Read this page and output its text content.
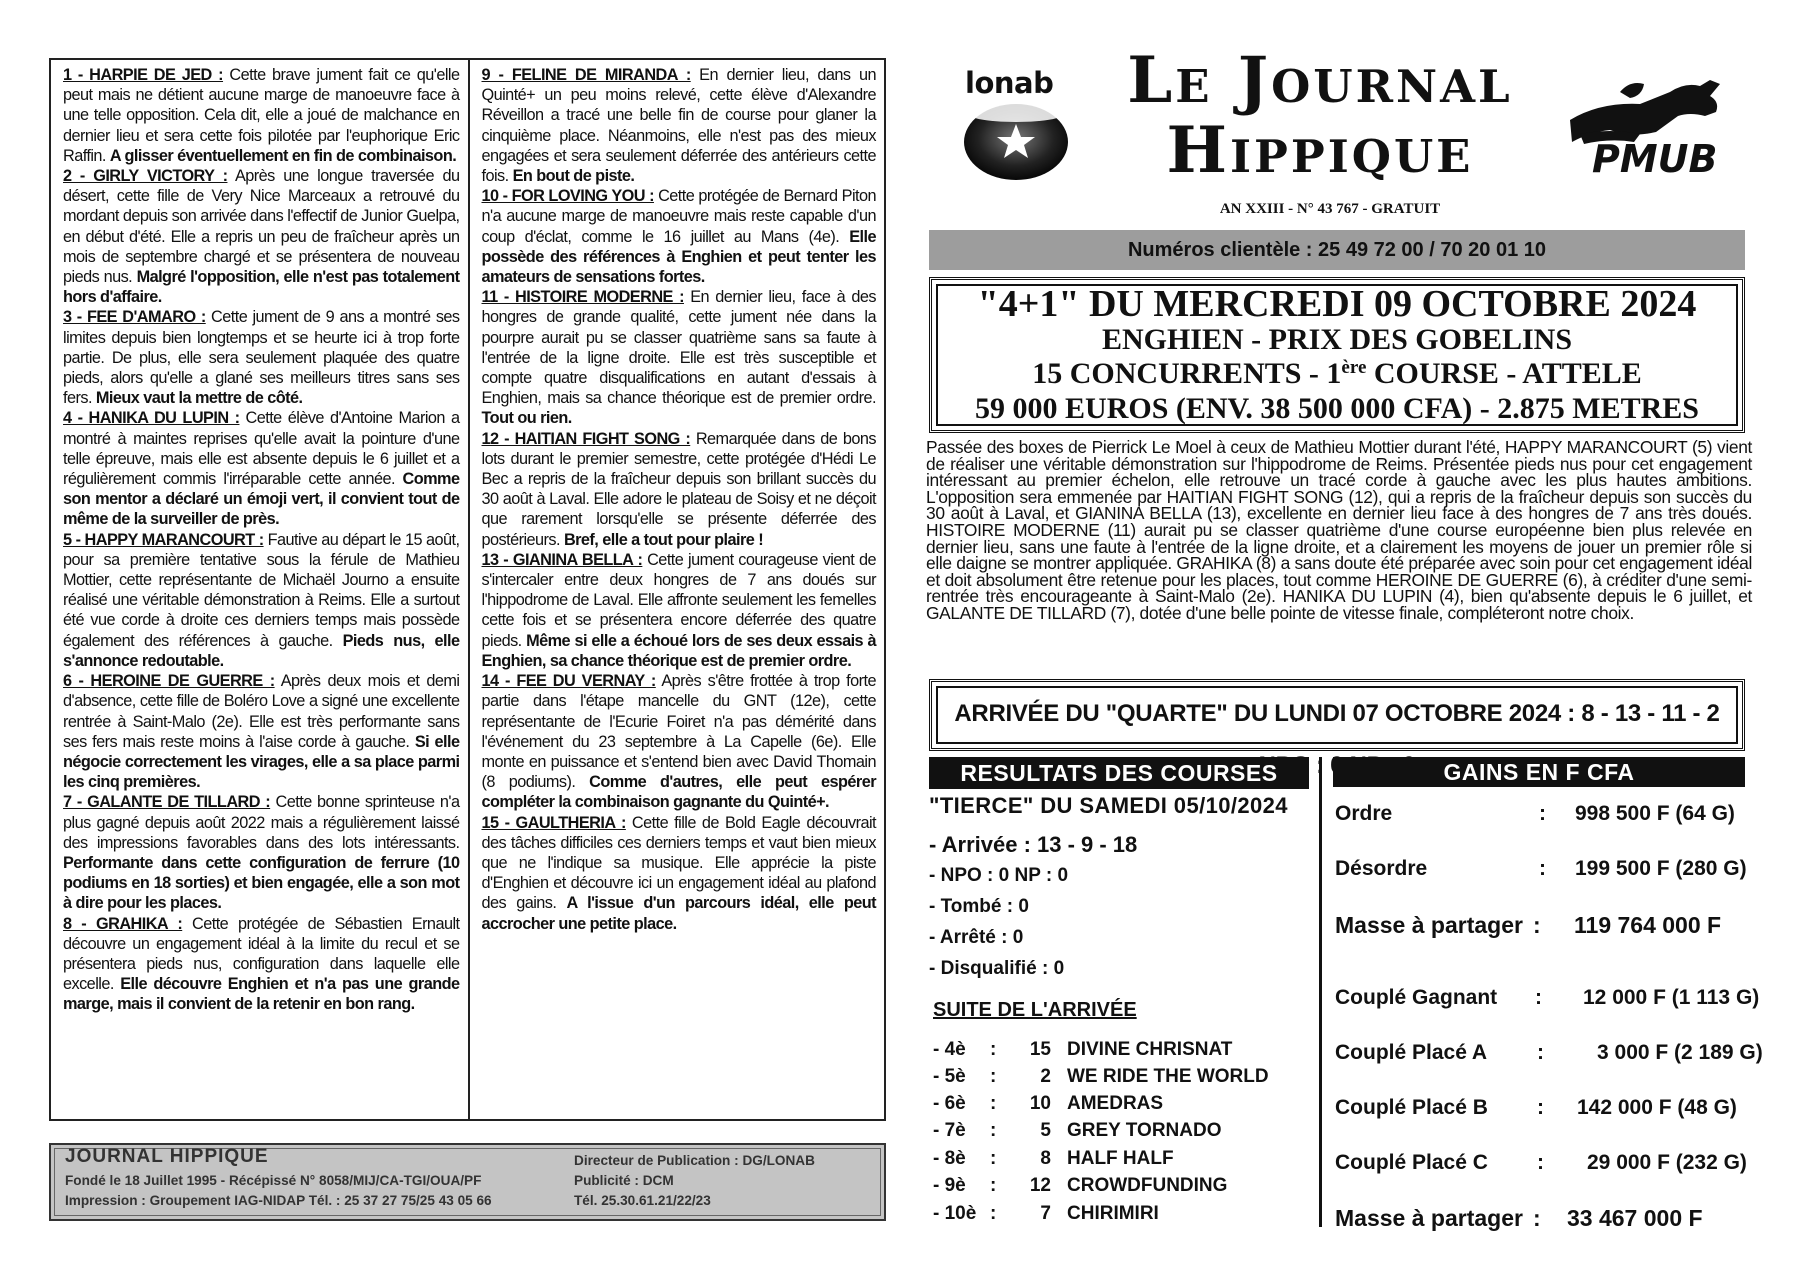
1 - HARPIE DE JED : Cette brave jument fait ce qu'elle peut mais ne détient aucune marge de manoeuvre face à une telle opposition. Cela dit, elle a joué de malchance en dernier lieu et sera cette fois pilotée par l'euphorique Eric Raffin. A glisser éventuellement en fin de combinaison.

2 - GIRLY VICTORY : Après une longue traversée du désert, cette fille de Very Nice Marceaux a retrouvé du mordant depuis son arrivée dans l'effectif de Junior Guelpa, en début d'été. Elle a repris un peu de fraîcheur après un mois de septembre chargé et se présentera de nouveau pieds nus. Malgré l'opposition, elle n'est pas totalement hors d'affaire.

3 - FEE D'AMARO : Cette jument de 9 ans a montré ses limites depuis bien longtemps et se heurte ici à trop forte partie. De plus, elle sera seulement plaquée des quatre pieds, alors qu'elle a glané ses meilleurs titres sans ses fers. Mieux vaut la mettre de côté.

4 - HANIKA DU LUPIN : Cette élève d'Antoine Marion a montré à maintes reprises qu'elle avait la pointure d'une telle épreuve, mais elle est absente depuis le 6 juillet et a régulièrement commis l'irréparable cette année. Comme son mentor a déclaré un émoji vert, il convient tout de même de la surveiller de près.

5 - HAPPY MARANCOURT : Fautive au départ le 15 août, pour sa première tentative sous la férule de Mathieu Mottier, cette représentante de Michaël Journo a ensuite réalisé une véritable démonstration à Reims. Elle a surtout été vue corde à droite ces derniers temps mais possède également des références à gauche. Pieds nus, elle s'annonce redoutable.

6 - HEROINE DE GUERRE : Après deux mois et demi d'absence, cette fille de Boléro Love a signé une excellente rentrée à Saint-Malo (2e). Elle est très performante sans ses fers mais reste moins à l'aise corde à gauche. Si elle négocie correctement les virages, elle a sa place parmi les cinq premières.

7 - GALANTE DE TILLARD : Cette bonne sprinteuse n'a plus gagné depuis août 2022 mais a régulièrement laissé des impressions favorables dans des lots intéressants. Performante dans cette configuration de ferrure (10 podiums en 18 sorties) et bien engagée, elle a son mot à dire pour les places.

8 - GRAHIKA : Cette protégée de Sébastien Ernault découvre un engagement idéal à la limite du recul et se présentera pieds nus, configuration dans laquelle elle excelle. Elle découvre Enghien et n'a pas une grande marge, mais il convient de la retenir en bon rang.

9 - FELINE DE MIRANDA : En dernier lieu, dans un Quinté+ un peu moins relevé, cette élève d'Alexandre Réveillon a tracé une belle fin de course pour glaner la cinquième place. Néanmoins, elle n'est pas des mieux engagées et sera seulement déferrée des antérieurs cette fois. En bout de piste.

10 - FOR LOVING YOU : Cette protégée de Bernard Piton n'a aucune marge de manoeuvre mais reste capable d'un coup d'éclat, comme le 16 juillet au Mans (4e). Elle possède des références à Enghien et peut tenter les amateurs de sensations fortes.

11 - HISTOIRE MODERNE : En dernier lieu, face à des hongres de grande qualité, cette jument née dans la pourpre aurait pu se classer quatrième sans sa faute à l'entrée de la ligne droite. Elle est très susceptible et compte quatre disqualifications en autant d'essais à Enghien, mais sa chance théorique est de premier ordre. Tout ou rien.

12 - HAITIAN FIGHT SONG : Remarquée dans de bons lots durant le premier semestre, cette protégée d'Hédi Le Bec a repris de la fraîcheur depuis son brillant succès du 30 août à Laval. Elle adore le plateau de Soisy et ne déçoit que rarement lorsqu'elle se présente déferrée des postérieurs. Bref, elle a tout pour plaire !

13 - GIANINA BELLA : Cette jument courageuse vient de s'intercaler entre deux hongres de 7 ans doués sur l'hippodrome de Laval. Elle affronte seulement les femelles cette fois et se présentera encore déferrée des quatre pieds. Même si elle a échoué lors de ses deux essais à Enghien, sa chance théorique est de premier ordre.

14 - FEE DU VERNAY : Après s'être frottée à trop forte partie dans l'étape mancelle du GNT (12e), cette représentante de l'Ecurie Foiret n'a pas démérité dans l'événement du 23 septembre à La Capelle (6e). Elle monte en puissance et s'entend bien avec David Thomain (8 podiums). Comme d'autres, elle peut espérer compléter la combinaison gagnante du Quinté+.

15 - GAULTHERIA : Cette fille de Bold Eagle découvrait des tâches difficiles ces derniers temps et vaut bien mieux que ne l'indique sa musique. Elle apprécie la piste d'Enghien et découvre ici un engagement idéal au plafond des gains. A l'issue d'un parcours idéal, elle peut accrocher une petite place.

JOURNAL HIPPIQUE
Fondé le 18 Juillet 1995 - Récépissé N° 8058/MIJ/CA-TGI/OUA/PF
Impression : Groupement IAG-NIDAP Tél. : 25 37 27 75/25 43 05 66
Directeur de Publication : DG/LONAB
Publicité : DCM
Tél. 25.30.61.21/22/23
lonab	Le Journal
Hippique
AN XXIII - N° 43 767 - GRATUIT
PMUB
Numéros clientèle : 25 49 72 00 / 70 20 01 10
"4+1" DU MERCREDI 09 OCTOBRE 2024
ENGHIEN - PRIX DES GOBELINS
15 CONCURRENTS - 1ère COURSE - ATTELE
59 000 EUROS (ENV. 38 500 000 CFA) - 2.875 METRES
Passée des boxes de Pierrick Le Moel à ceux de Mathieu Mottier durant l'été, HAPPY MARANCOURT (5) vient de réaliser une véritable démonstration sur l'hippodrome de Reims. Présentée pieds nus pour cet engagement intéressant au premier échelon, elle retrouve un tracé corde à gauche avec les plus hautes ambitions. L'opposition sera emmenée par HAITIAN FIGHT SONG (12), qui a repris de la fraîcheur depuis son succès du 30 août à Laval, et GIANINA BELLA (13), excellente en dernier lieu face à des hongres de 7 ans très doués. HISTOIRE MODERNE (11) aurait pu se classer quatrième d'une course européenne bien plus relevée en dernier lieu, sans une faute à l'entrée de la ligne droite, et a clairement les moyens de jouer un premier rôle si elle daigne se montrer appliquée. GRAHIKA (8) a sans doute été préparée avec soin pour cet engagement idéal et doit absolument être retenue pour les places, tout comme HEROINE DE GUERRE (6), à créditer d'une semi-rentrée très encourageante à Saint-Malo (2e). HANIKA DU LUPIN (4), bien qu'absente depuis le 6 juillet, et GALANTE DE TILLARD (7), dotée d'une belle pointe de vitesse finale, compléteront notre choix.
ARRIVÉE DU "QUARTE" DU LUNDI 07 OCTOBRE 2024 : 8 - 13 - 11 - 2
RESULTATS DES COURSES	GAINS EN F CFA
"TIERCE" DU SAMEDI 05/10/2024
- Arrivée : 13 - 9 - 18
- NPO : 0 NP : 0
- Tombé : 0
- Arrêté : 0
- Disqualifié : 0
SUITE DE L'ARRIVÉE
- 4è :	15 DIVINE CHRISNAT
- 5è :	2 WE RIDE THE WORLD
- 6è :	10 AMEDRAS
- 7è :	5 GREY TORNADO
- 8è :	8 HALF HALF
- 9è :	12 CROWDFUNDING
- 10è :	7 CHIRIMIRI
Ordre	: 998 500 F (64 G)
Désordre	: 199 500 F (280 G)
Masse à partager : 119 764 000 F
Couplé Gagnant : 12 000 F (1 113 G)
Couplé Placé A :	3 000 F (2 189 G)
Couplé Placé B : 142 000 F (48 G)
Couplé Placé C : 29 000 F (232 G)
Masse à partager : 33 467 000 F
